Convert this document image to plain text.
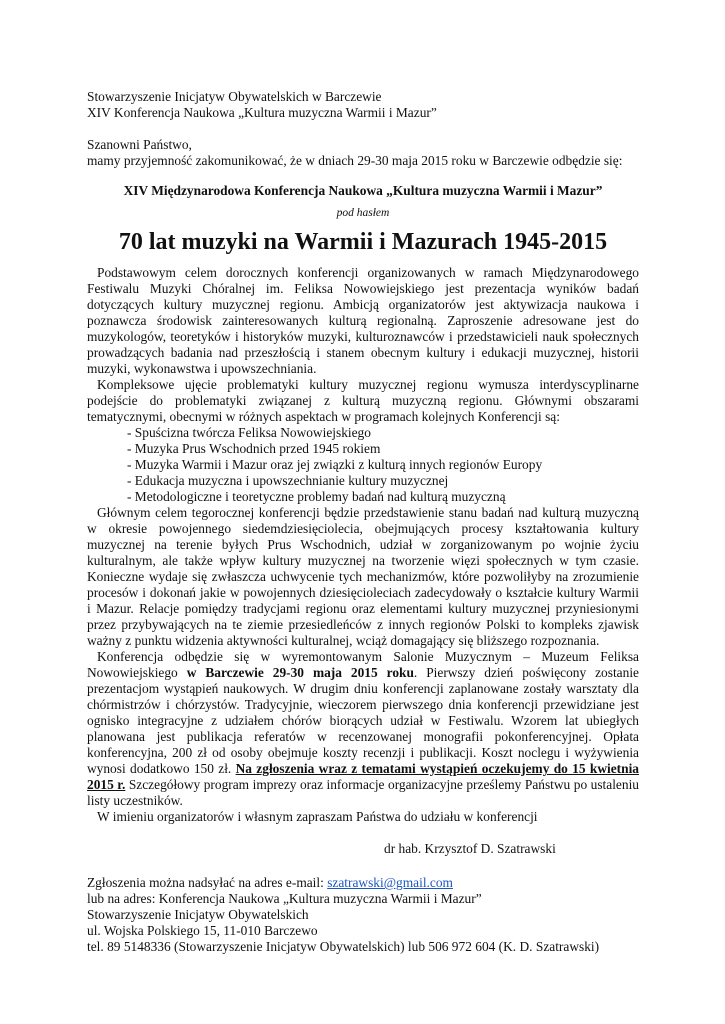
Stowarzyszenie Inicjatyw Obywatelskich w Barczewie
XIV Konferencja Naukowa „Kultura muzyczna Warmii i Mazur”
Szanowni Państwo,
mamy przyjemność zakomunikować, że w dniach 29-30 maja 2015 roku w Barczewie odbędzie się:
XIV Międzynarodowa Konferencja Naukowa „Kultura muzyczna Warmii i Mazur”
pod hasłem
70 lat muzyki na Warmii i Mazurach 1945-2015
Podstawowym celem dorocznych konferencji organizowanych w ramach Międzynarodowego Festiwalu Muzyki Chóralnej im. Feliksa Nowowiejskiego jest prezentacja wyników badań dotyczących kultury muzycznej regionu. Ambicją organizatorów jest aktywizacja naukowa i poznawcza środowisk zainteresowanych kulturą regionalną. Zaproszenie adresowane jest do muzykologów, teoretyków i historyków muzyki, kulturoznawców i przedstawicieli nauk społecznych prowadzących badania nad przeszłością i stanem obecnym kultury i edukacji muzycznej, historii muzyki, wykonawstwa i upowszechniania.
Kompleksowe ujęcie problematyki kultury muzycznej regionu wymusza interdyscyplinarne podejście do problematyki związanej z kulturą muzyczną regionu. Głównymi obszarami tematycznymi, obecnymi w różnych aspektach w programach kolejnych Konferencji są:
- Spuścizna twórcza Feliksa Nowowiejskiego
- Muzyka Prus Wschodnich przed 1945 rokiem
- Muzyka Warmii i Mazur oraz jej związki z kulturą innych regionów Europy
- Edukacja muzyczna i upowszechnianie kultury muzycznej
- Metodologiczne i teoretyczne problemy badań nad kulturą muzyczną
Głównym celem tegorocznej konferencji będzie przedstawienie stanu badań nad kulturą muzyczną w okresie powojennego siedemdziesięciolecia, obejmujących procesy kształtowania kultury muzycznej na terenie byłych Prus Wschodnich, udział w zorganizowanym po wojnie życiu kulturalnym, ale także wpływ kultury muzycznej na tworzenie więzi społecznych w tym czasie. Konieczne wydaje się zwłaszcza uchwycenie tych mechanizmów, które pozwoliłyby na zrozumienie procesów i dokonań jakie w powojennych dziesięcioleciach zadecydowały o kształcie kultury Warmii i Mazur. Relacje pomiędzy tradycjami regionu oraz elementami kultury muzycznej przyniesionymi przez przybywających na te ziemie przesiedleńców z innych regionów Polski to kompleks zjawisk ważny z punktu widzenia aktywności kulturalnej, wciąż domagający się bliższego rozpoznania.
Konferencja odbędzie się w wyremontowanym Salonie Muzycznym – Muzeum Feliksa Nowowiejskiego w Barczewie 29-30 maja 2015 roku. Pierwszy dzień poświęcony zostanie prezentacjom wystąpień naukowych. W drugim dniu konferencji zaplanowane zostały warsztaty dla chórmistrzów i chórzystów. Tradycyjnie, wieczorem pierwszego dnia konferencji przewidziane jest ognisko integracyjne z udziałem chórów biorących udział w Festiwalu. Wzorem lat ubiegłych planowana jest publikacja referatów w recenzowanej monografii pokonferencyjnej. Opłata konferencyjna, 200 zł od osoby obejmuje koszty recenzji i publikacji. Koszt noclegu i wyżywienia wynosi dodatkowo 150 zł. Na zgłoszenia wraz z tematami wystąpień oczekujemy do 15 kwietnia 2015 r. Szczegółowy program imprezy oraz informacje organizacyjne prześlemy Państwu po ustaleniu listy uczestników.
W imieniu organizatorów i własnym zapraszam Państwa do udziału w konferencji
dr hab. Krzysztof D. Szatrawski
Zgłoszenia można nadsyłać na adres e-mail: szatrawski@gmail.com
lub na adres: Konferencja Naukowa „Kultura muzyczna Warmii i Mazur”
Stowarzyszenie Inicjatyw Obywatelskich
ul. Wojska Polskiego 15, 11-010 Barczewo
tel. 89 5148336 (Stowarzyszenie Inicjatyw Obywatelskich) lub 506 972 604 (K. D. Szatrawski)
